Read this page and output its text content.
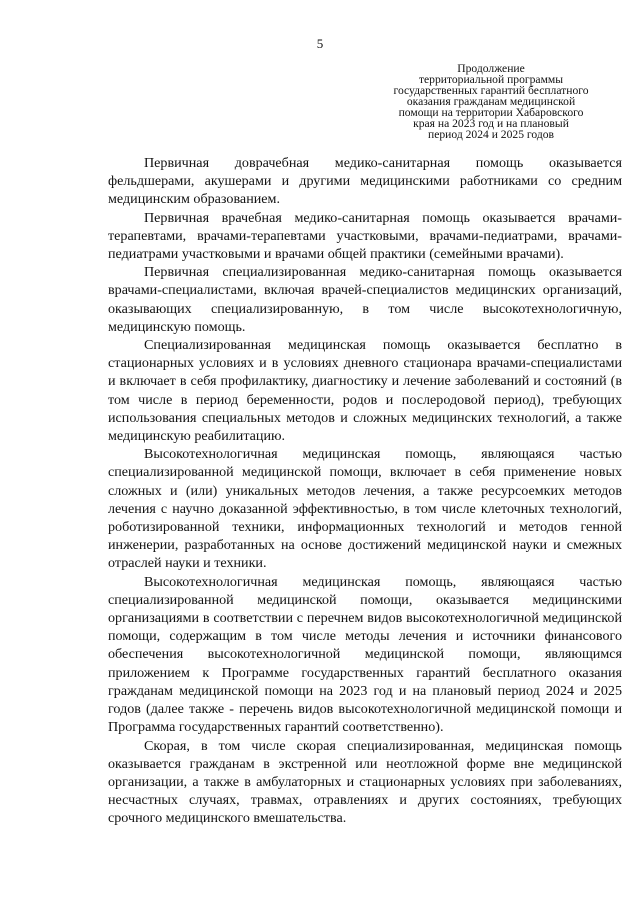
5
Продолжение
территориальной программы
государственных гарантий бесплатного
оказания гражданам медицинской
помощи на территории Хабаровского
края на 2023 год и на плановый
период 2024 и 2025 годов

Первичная доврачебная медико-санитарная помощь оказывается фельдшерами, акушерами и другими медицинскими работниками со средним медицинским образованием.

Первичная врачебная медико-санитарная помощь оказывается врачами-терапевтами, врачами-терапевтами участковыми, врачами-педиатрами, врачами-педиатрами участковыми и врачами общей практики (семейными врачами).

Первичная специализированная медико-санитарная помощь оказывается врачами-специалистами, включая врачей-специалистов медицинских организаций, оказывающих специализированную, в том числе высокотехнологичную, медицинскую помощь.

Специализированная медицинская помощь оказывается бесплатно в стационарных условиях и в условиях дневного стационара врачами-специалистами и включает в себя профилактику, диагностику и лечение заболеваний и состояний (в том числе в период беременности, родов и послеродовой период), требующих использования специальных методов и сложных медицинских технологий, а также медицинскую реабилитацию.

Высокотехнологичная медицинская помощь, являющаяся частью специализированной медицинской помощи, включает в себя применение новых сложных и (или) уникальных методов лечения, а также ресурсоемких методов лечения с научно доказанной эффективностью, в том числе клеточных технологий, роботизированной техники, информационных технологий и методов генной инженерии, разработанных на основе достижений медицинской науки и смежных отраслей науки и техники.

Высокотехнологичная медицинская помощь, являющаяся частью специализированной медицинской помощи, оказывается медицинскими организациями в соответствии с перечнем видов высокотехнологичной медицинской помощи, содержащим в том числе методы лечения и источники финансового обеспечения высокотехнологичной медицинской помощи, являющимся приложением к Программе государственных гарантий бесплатного оказания гражданам медицинской помощи на 2023 год и на плановый период 2024 и 2025 годов (далее также - перечень видов высокотехнологичной медицинской помощи и Программа государственных гарантий соответственно).

Скорая, в том числе скорая специализированная, медицинская помощь оказывается гражданам в экстренной или неотложной форме вне медицинской организации, а также в амбулаторных и стационарных условиях при заболеваниях, несчастных случаях, травмах, отравлениях и других состояниях, требующих срочного медицинского вмешательства.
